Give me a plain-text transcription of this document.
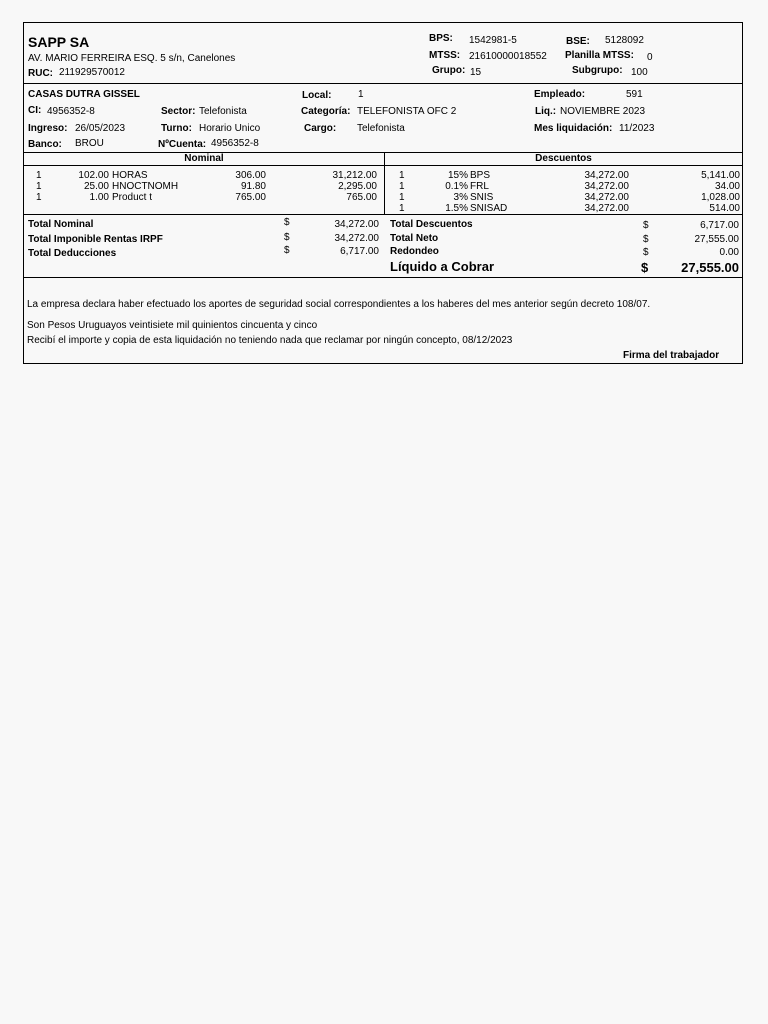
SAPP SA
AV. MARIO FERREIRA ESQ. 5 s/n, Canelones
RUC: 211929570012
BPS: 1542981-5	BSE: 5128092
MTSS: 21610000018552 Planilla MTSS: 0
Grupo: 15	Subgrupo: 100
CASAS DUTRA GISSEL	Local:	1	Empleado:	591
CI: 4956352-8	Sector: Telefonista	Categoría: TELEFONISTA OFC 2	Liq.: NOVIEMBRE 2023
Ingreso: 26/05/2023	Turno: Horario Unico	Cargo: Telefonista	Mes liquidación: 11/2023
Banco: BROU	NºCuenta: 4956352-8
Nominal	Descuentos
1	102.00 HORAS	306.00	31,212.00
1	25.00 HNOCTNOMH	91.80	2,295.00
1	1.00 Product t	765.00	765.00
1	15% BPS	34,272.00	5,141.00
1	0.1% FRL	34,272.00	34.00
1	3% SNIS	34,272.00	1,028.00
1	1.5% SNISAD	34,272.00	514.00
Total Nominal	$	34,272.00
Total Imponible Rentas IRPF	$	34,272.00
Total Deducciones	$	6,717.00
Total Descuentos	$	6,717.00
Total Neto	$	27,555.00
Redondeo	$	0.00
Líquido a Cobrar	$	27,555.00
La empresa declara haber efectuado los aportes de seguridad social correspondientes a los haberes del mes anterior según decreto 108/07.
Son Pesos Uruguayos veintisiete mil quinientos cincuenta y cinco
Recibí el importe y copia de esta liquidación no teniendo nada que reclamar por ningún concepto, 08/12/2023
Firma del trabajador
